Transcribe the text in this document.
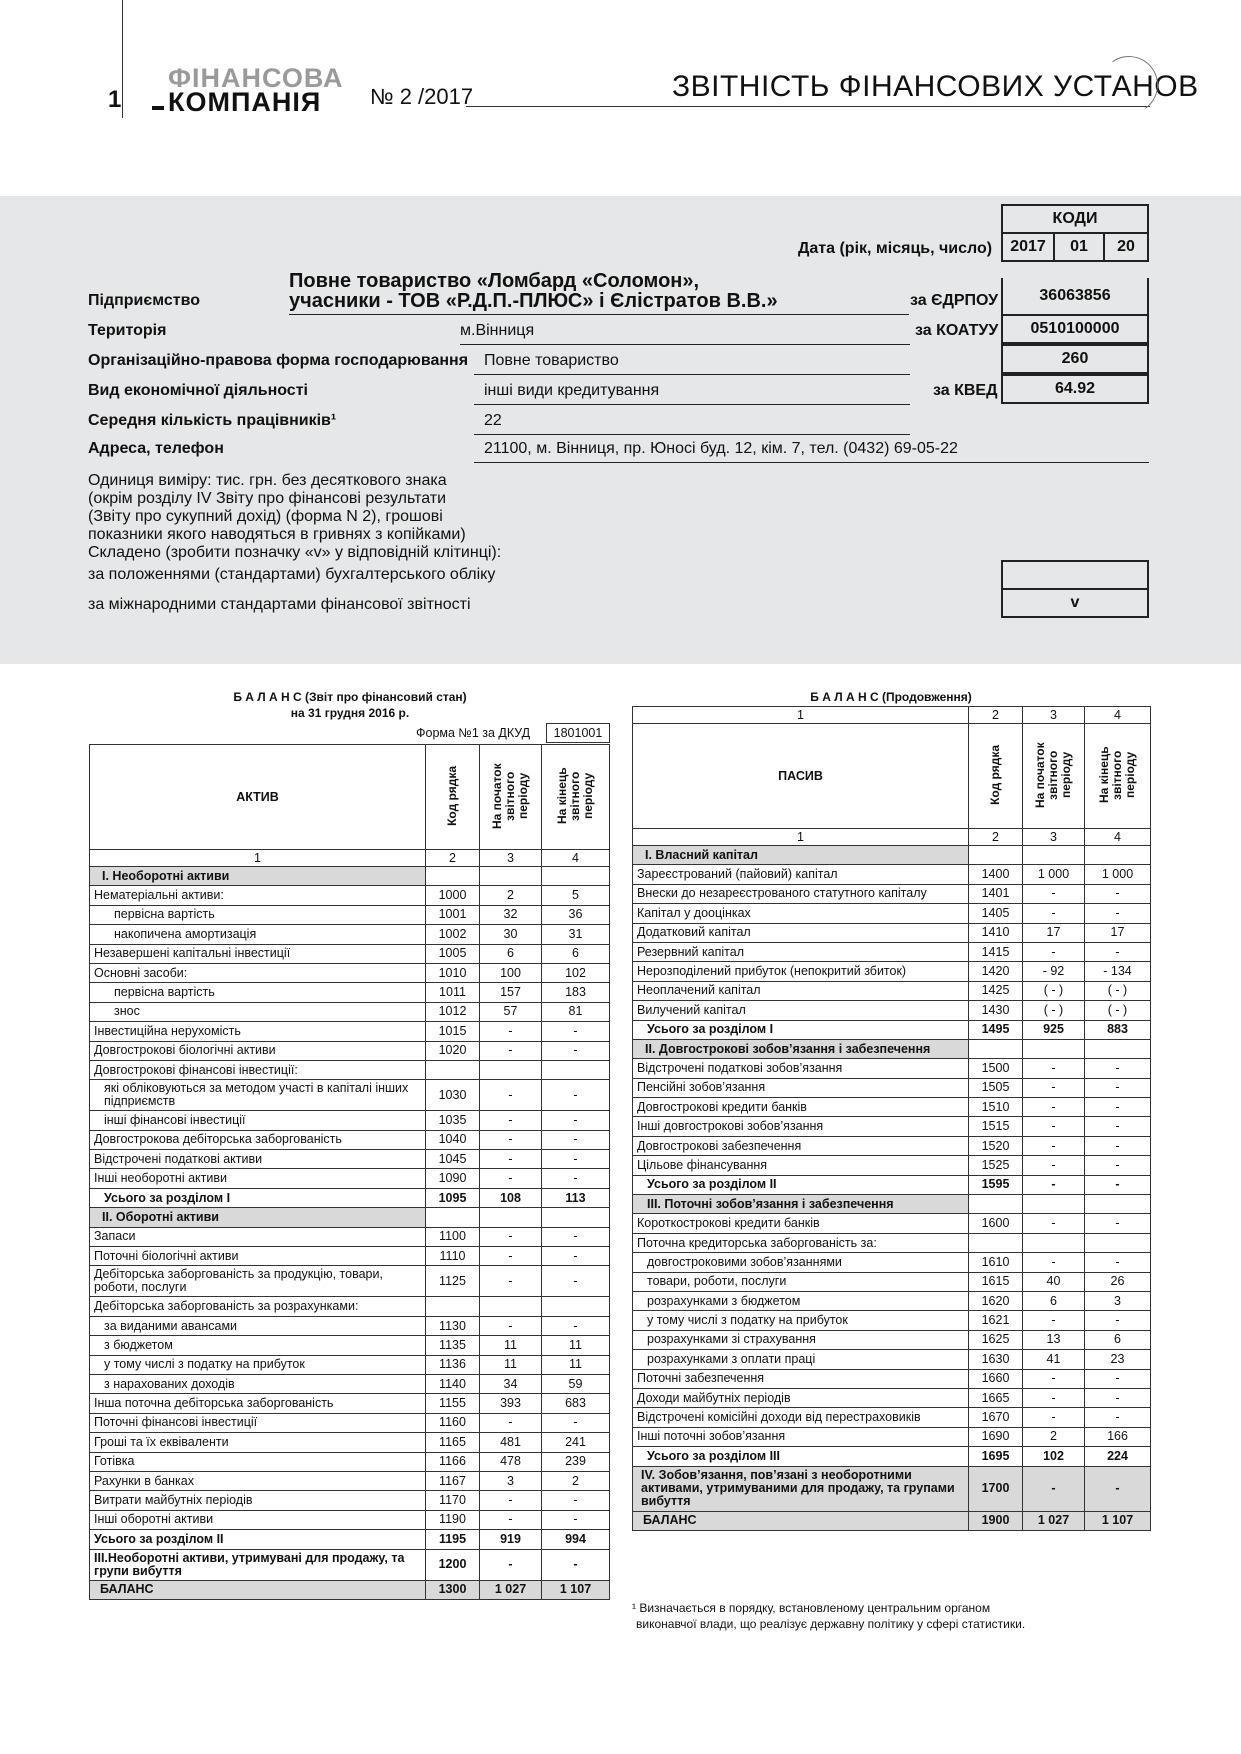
1
ФІНАНСОВА
КОМПАНІЯ № 2 /2017	ЗВІТНІСТЬ ФІНАНСОВИХ УСТАНОВ
КОДИ
Дата (рік, місяць, число)	2017	01	20
Підприємство
Повне товариство «Ломбард «Соломон»,
учасники - ТОВ «Р.Д.П.-ПЛЮС» і Єлістратов В.В.»	за ЄДРПОУ	36063856
Територія	м.Вінниця	за КОАТУУ	0510100000
Організаційно-правова форма господарювання Повне товариство	260
Вид економічної діяльності	інші види кредитування	за КВЕД	64.92
Середня кількість працівників¹	22
Адреса, телефон	21100, м. Вінниця, пр. Юносі буд. 12, кім. 7, тел. (0432) 69-05-22
Одиниця виміру: тис. грн. без десяткового знака
(окрім розділу IV Звіту про фінансові результати
(Звіту про сукупний дохід) (форма N 2), грошові
показники якого наводяться в гривнях з копійками)
Складено (зробити позначку «v» у відповідній клітинці):
за положеннями (стандартами) бухгалтерського обліку
за міжнародними стандартами фінансової звітності	v
Б А Л А Н С (Звіт про фінансовий стан)
на 31 грудня 2016 р.
Форма №1 за ДКУД	1801001
АКТИВ	Код рядка	На початок звітного періоду	На кінець звітного періоду
1	2	3	4
I. Необоротні активи			
Нематеріальні активи:	1000	2	5
первісна вартість	1001	32	36
накопичена амортизація	1002	30	31
Незавершені капітальні інвестиції	1005	6	6
Основні засоби:	1010	100	102
первісна вартість	1011	157	183
знос	1012	57	81
Інвестиційна нерухомість	1015	-	-
Довгострокові біологічні активи	1020	-	-
Довгострокові фінансові інвестиції:			
які обліковуються за методом участі в капіталі інших підприємств	1030	-	-
інші фінансові інвестиції	1035	-	-
Довгострокова дебіторська заборгованість	1040	-	-
Відстрочені податкові активи	1045	-	-
Інші необоротні активи	1090	-	-
Усього за розділом I	1095	108	113
II. Оборотні активи			
Запаси	1100	-	-
Поточні біологічні активи	1110	-	-
Дебіторська заборгованість за продукцію, товари, роботи, послуги	1125	-	-
Дебіторська заборгованість за розрахунками:			
за виданими авансами	1130	-	-
з бюджетом	1135	11	11
у тому числі з податку на прибуток	1136	11	11
з нарахованих доходів	1140	34	59
Інша поточна дебіторська заборгованість	1155	393	683
Поточні фінансові інвестиції	1160	-	-
Гроші та їх еквіваленти	1165	481	241
Готівка	1166	478	239
Рахунки в банках	1167	3	2
Витрати майбутніх періодів	1170	-	-
Інші оборотні активи	1190	-	-
Усього за розділом II	1195	919	994
III.Необоротні активи, утримувані для продажу, та групи вибуття	1200	-	-
БАЛАНС	1300	1 027	1 107
Б А Л А Н С (Продовження)
1	2	3	4
ПАСИВ	Код рядка	На початок звітного періоду	На кінець звітного періоду
1	2	3	4
I. Власний капітал			
Зареєстрований (пайовий) капітал	1400	1 000	1 000
Внески до незареєстрованого статутного капіталу	1401	-	-
Капітал у дооцінках	1405	-	-
Додатковий капітал	1410	17	17
Резервний капітал	1415	-	-
Нерозподілений прибуток (непокритий збиток)	1420	- 92	- 134
Неоплачений капітал	1425	( - )	( - )
Вилучений капітал	1430	( - )	( - )
Усього за розділом I	1495	925	883
II. Довгострокові зобов’язання і забезпечення			
Відстрочені податкові зобов’язання	1500	-	-
Пенсійні зобов’язання	1505	-	-
Довгострокові кредити банків	1510	-	-
Інші довгострокові зобов’язання	1515	-	-
Довгострокові забезпечення	1520	-	-
Цільове фінансування	1525	-	-
Усього за розділом II	1595	-	-
III. Поточні зобов’язання і забезпечення			
Короткострокові кредити банків	1600	-	-
Поточна кредиторська заборгованість за:			
довгостроковими зобов’язаннями	1610	-	-
товари, роботи, послуги	1615	40	26
розрахунками з бюджетом	1620	6	3
у тому числі з податку на прибуток	1621	-	-
розрахунками зі страхування	1625	13	6
розрахунками з оплати праці	1630	41	23
Поточні забезпечення	1660	-	-
Доходи майбутніх періодів	1665	-	-
Відстрочені комісійні доходи від перестраховиків	1670	-	-
Інші поточні зобов’язання	1690	2	166
Усього за розділом III	1695	102	224
IV. Зобов’язання, пов’язані з необоротними активами, утримуваними для продажу, та групами вибуття	1700	-	-
БАЛАНС	1900	1 027	1 107
¹ Визначається в порядку, встановленому центральним органом
виконавчої влади, що реалізує державну політику у сфері статистики.
